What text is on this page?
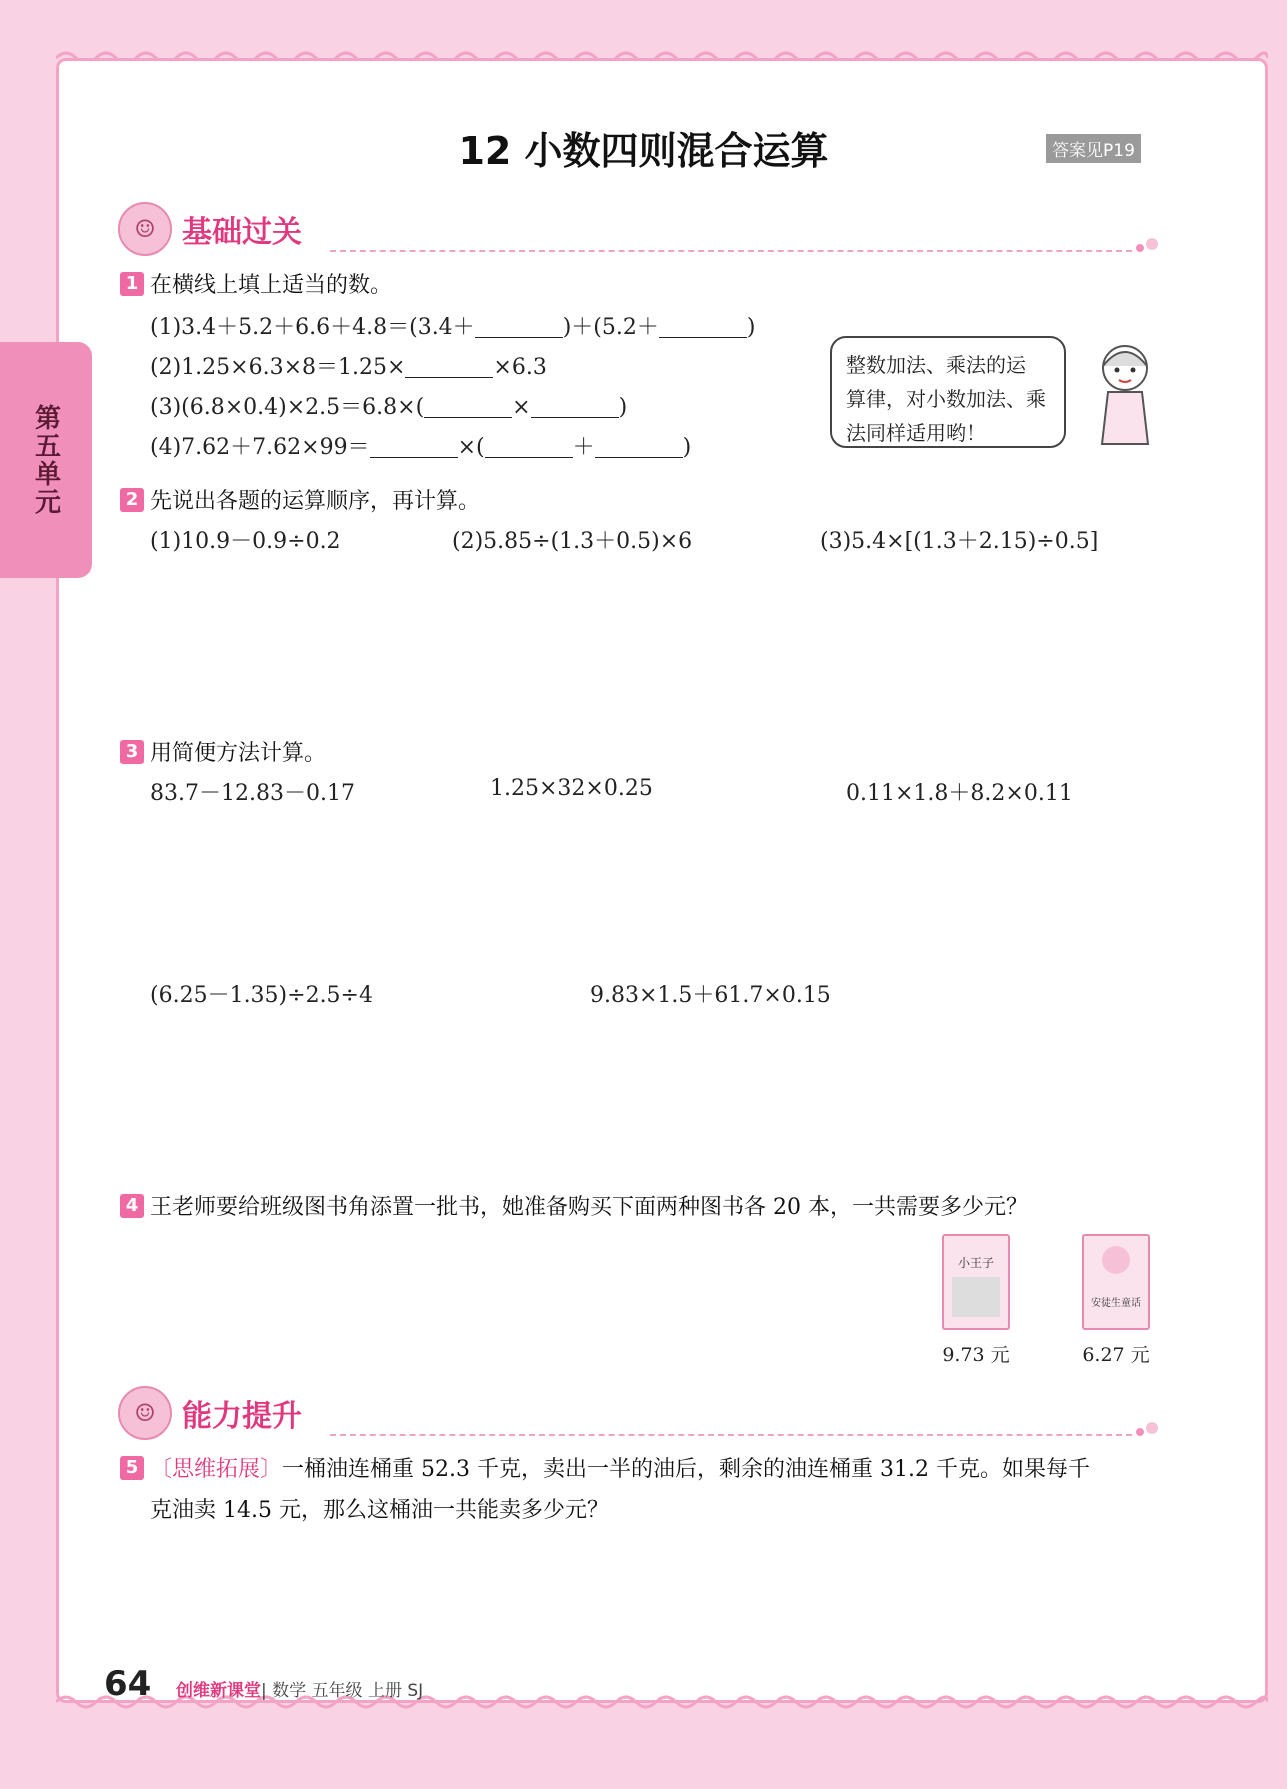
第五单元
12 小数四则混合运算	答案见P19
☺ 基础过关
1 在横线上填上适当的数。
(1)3.4＋5.2＋6.6＋4.8＝(3.4＋	)＋(5.2＋	)
(2)1.25×6.3×8＝1.25×	×6.3
(3)(6.8×0.4)×2.5＝6.8×(	×	)
(4)7.62＋7.62×99＝	×(	＋	)
整数加法、乘法的运
算律，对小数加法、乘
法同样适用哟！
2 先说出各题的运算顺序，再计算。
(1)10.9－0.9÷0.2	(2)5.85÷(1.3＋0.5)×6	(3)5.4×[(1.3＋2.15)÷0.5]
3 用简便方法计算。
83.7－12.83－0.17	1.25×32×0.25	0.11×1.8＋8.2×0.11
(6.25－1.35)÷2.5÷4	9.83×1.5＋61.7×0.15
4 王老师要给班级图书角添置一批书，她准备购买下面两种图书各 20 本，一共需要多少元？
小王子
9.73 元
安徒生童话
6.27 元
☺ 能力提升
5 〔思维拓展〕一桶油连桶重 52.3 千克，卖出一半的油后，剩余的油连桶重 31.2 千克。如果每千
克油卖 14.5 元，那么这桶油一共能卖多少元？
64 创维新课堂| 数学 五年级 上册 SJ
